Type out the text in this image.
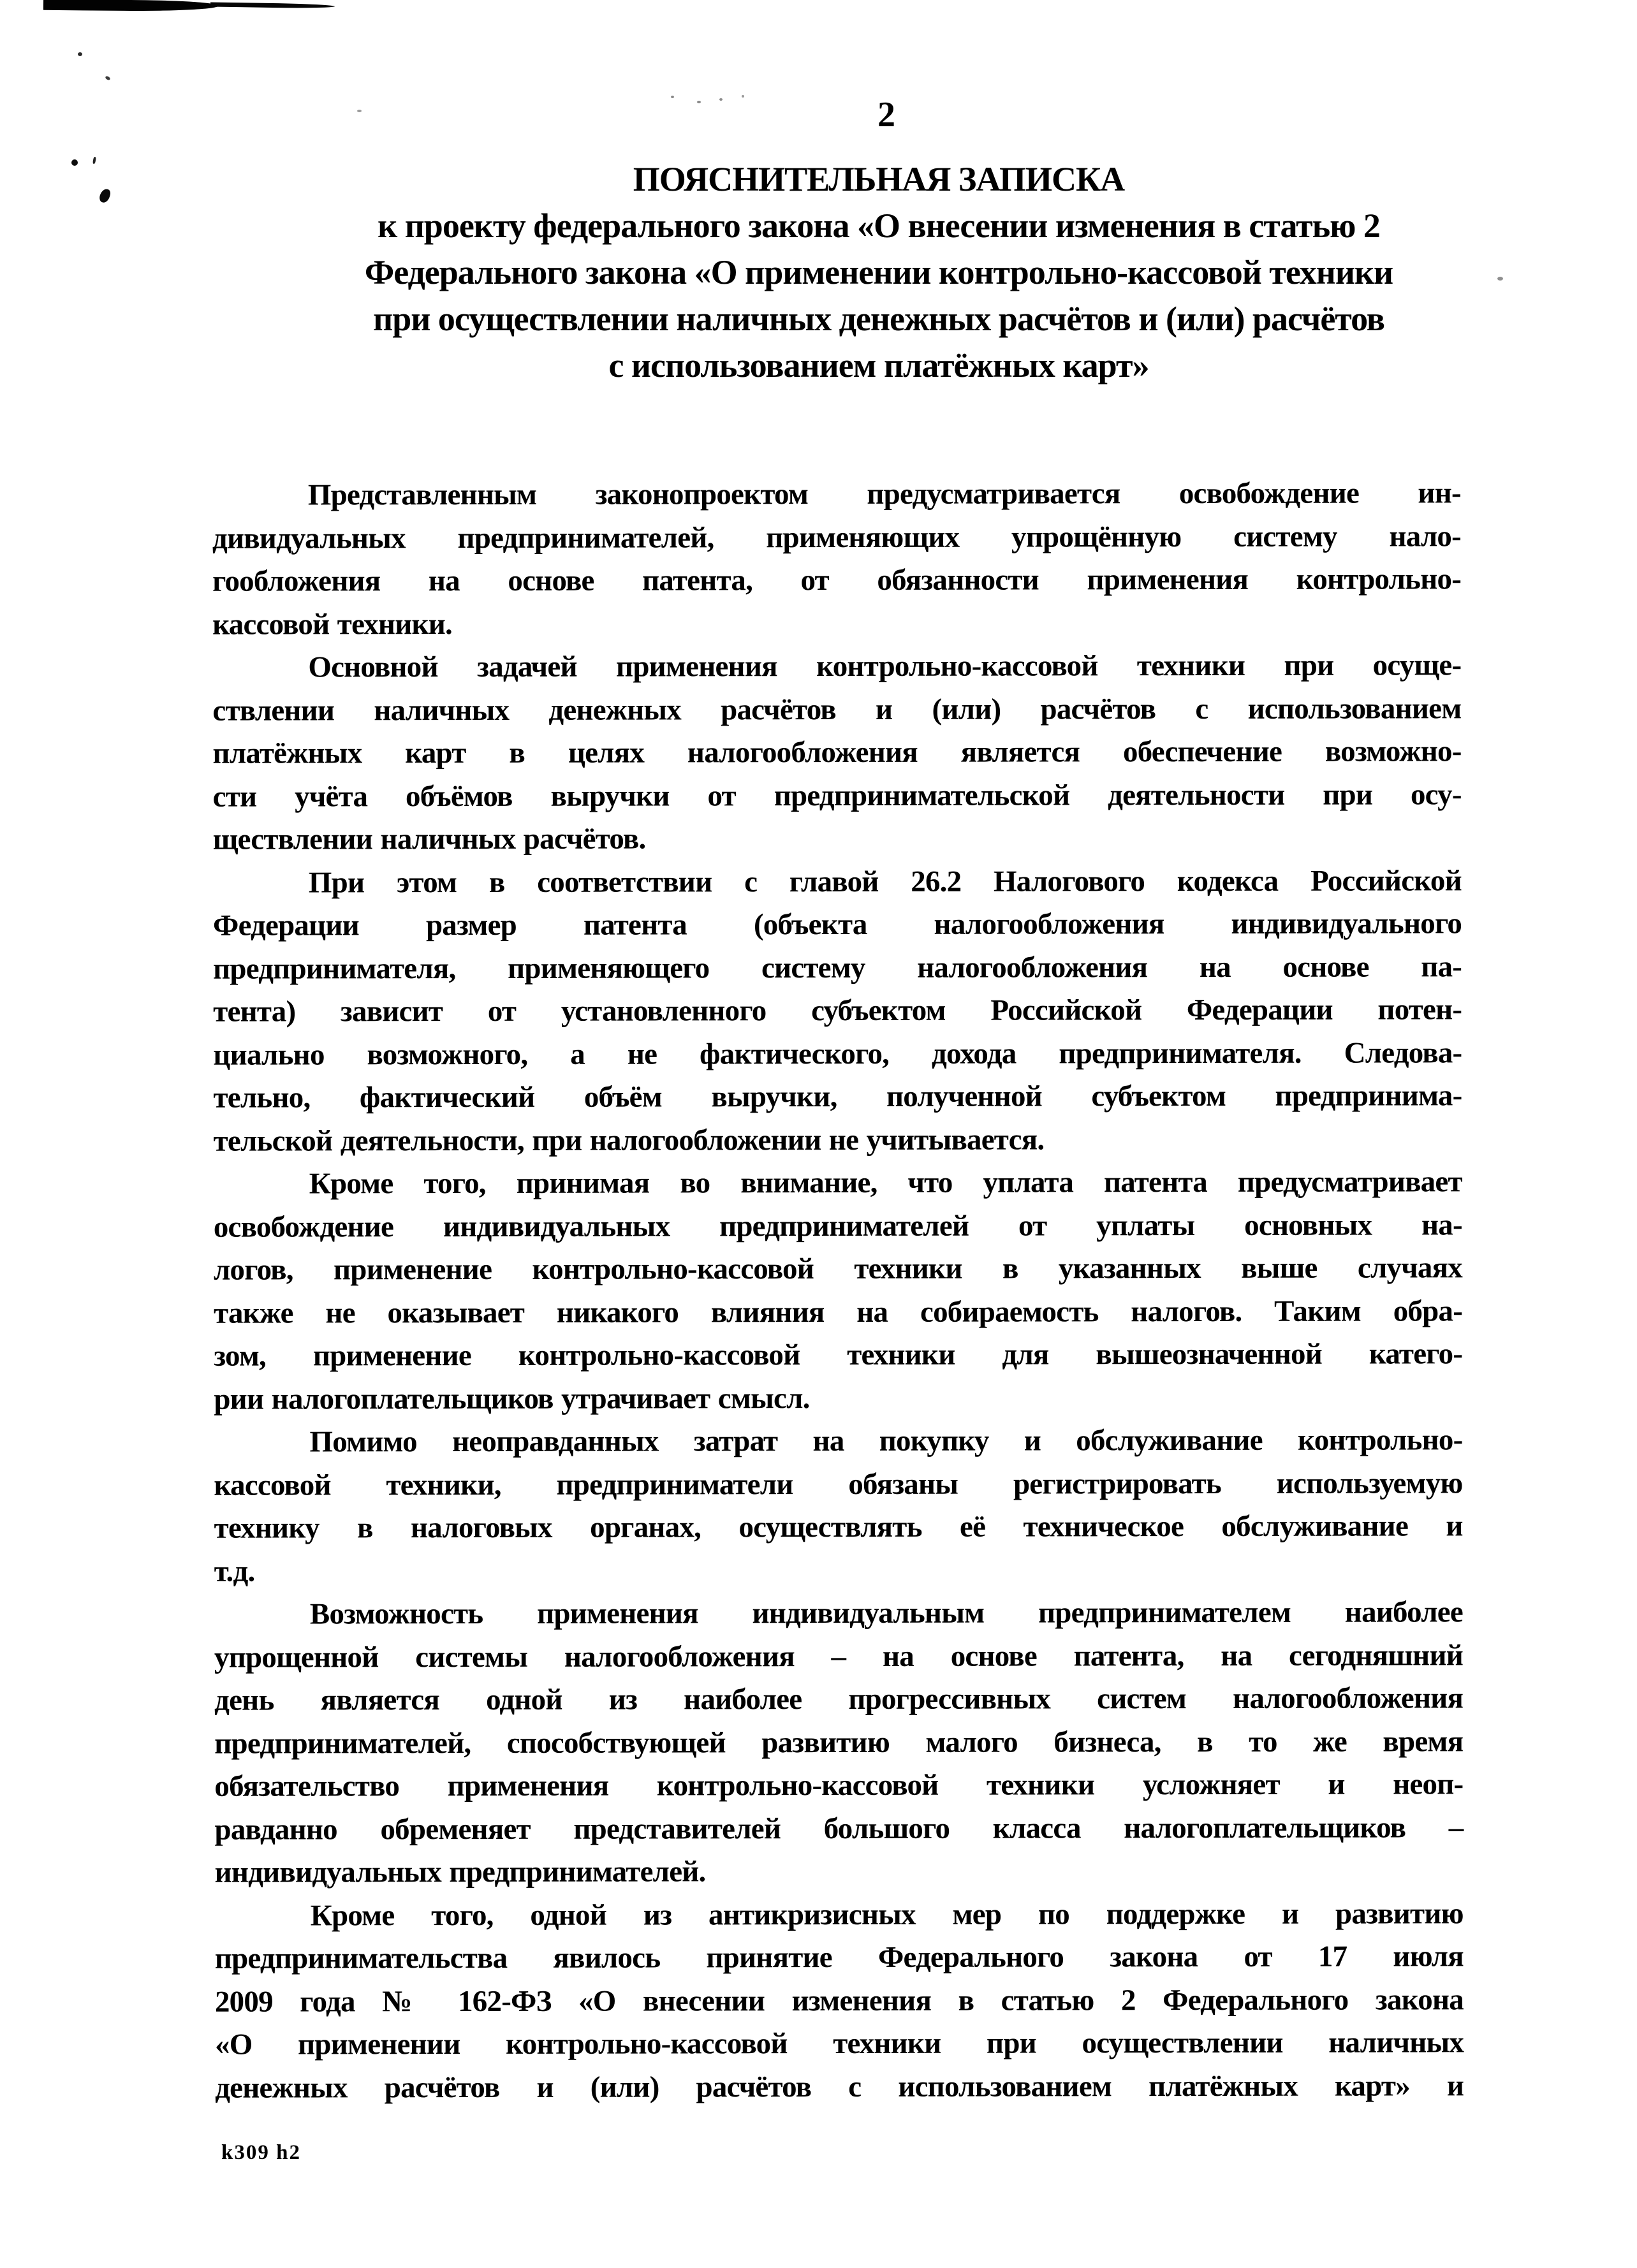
2
ПОЯСНИТЕЛЬНАЯ ЗАПИСКА
к проекту федерального закона «О внесении изменения в статью 2
Федерального закона «О применении контрольно-кассовой техники
при осуществлении наличных денежных расчётов и (или) расчётов
с использованием платёжных карт»
Представленным законопроектом предусматривается освобождение ин-
дивидуальных предпринимателей, применяющих упрощённую систему нало-
гообложения на основе патента, от обязанности применения контрольно-
кассовой техники.
Основной задачей применения контрольно-кассовой техники при осуще-
ствлении наличных денежных расчётов и (или) расчётов с использованием
платёжных карт в целях налогообложения является обеспечение возможно-
сти учёта объёмов выручки от предпринимательской деятельности при осу-
ществлении наличных расчётов.
При этом в соответствии с главой 26.2 Налогового кодекса Российской
Федерации размер патента (объекта налогообложения индивидуального
предпринимателя, применяющего систему налогообложения на основе па-
тента) зависит от установленного субъектом Российской Федерации потен-
циально возможного, а не фактического, дохода предпринимателя. Следова-
тельно, фактический объём выручки, полученной субъектом предпринима-
тельской деятельности, при налогообложении не учитывается.
Кроме того, принимая во внимание, что уплата патента предусматривает
освобождение индивидуальных предпринимателей от уплаты основных на-
логов, применение контрольно-кассовой техники в указанных выше случаях
также не оказывает никакого влияния на собираемость налогов. Таким обра-
зом, применение контрольно-кассовой техники для вышеозначенной катего-
рии налогоплательщиков утрачивает смысл.
Помимо неоправданных затрат на покупку и обслуживание контрольно-
кассовой техники, предприниматели обязаны регистрировать используемую
технику в налоговых органах, осуществлять её техническое обслуживание и
т.д.
Возможность применения индивидуальным предпринимателем наиболее
упрощенной системы налогообложения – на основе патента, на сегодняшний
день является одной из наиболее прогрессивных систем налогообложения
предпринимателей, способствующей развитию малого бизнеса, в то же время
обязательство применения контрольно-кассовой техники усложняет и неоп-
равданно обременяет представителей большого класса налогоплательщиков –
индивидуальных предпринимателей.
Кроме того, одной из антикризисных мер по поддержке и развитию
предпринимательства явилось принятие Федерального закона от 17 июля
2009 года № 162-ФЗ «О внесении изменения в статью 2 Федерального закона
«О применении контрольно-кассовой техники при осуществлении наличных
денежных расчётов и (или) расчётов с использованием платёжных карт» и
k309 h2
